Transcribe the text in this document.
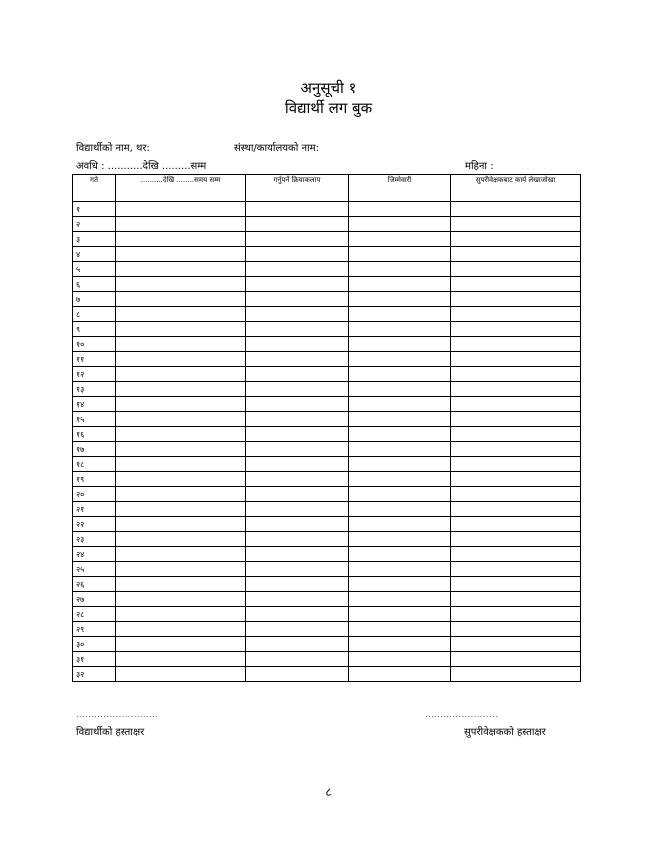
अनुसूची १
विद्यार्थी लग बुक
विद्यार्थीको नाम, थर:	संस्था/कार्यालयको नाम:
अवधि : ...........देखि .........सम्म	महिना :
गते	..........देखि ........समय सम्म	गर्नुपर्ने क्रियाकलाप	जिम्मेवारी	सुपरीवेक्षकबाट कार्य लेखाजोखा
१				
२				
३				
४				
५				
६				
७				
८				
९				
१०				
११				
१२				
१३				
१४				
१५				
१६				
१७				
१८				
१९				
२०				
२१				
२२				
२३				
२४				
२५				
२६				
२७				
२८				
२९				
३०				
३१				
३२				
...........................	........................
विद्यार्थीको हस्ताक्षर	सुपरीवेक्षकको हस्ताक्षर
८
